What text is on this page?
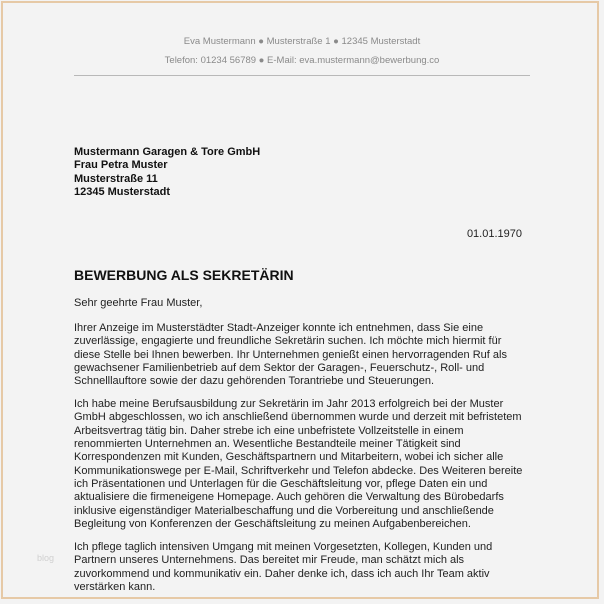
Eva Mustermann ● Musterstraße 1 ● 12345 Musterstadt
Telefon: 01234 56789 ● E-Mail: eva.mustermann@bewerbung.co
Mustermann Garagen & Tore GmbH
Frau Petra Muster
Musterstraße 11
12345 Musterstadt
01.01.1970
BEWERBUNG ALS SEKRETÄRIN
Sehr geehrte Frau Muster,
Ihrer Anzeige im Musterstädter Stadt-Anzeiger konnte ich entnehmen, dass Sie eine
zuverlässige, engagierte und freundliche Sekretärin suchen. Ich möchte mich hiermit für
diese Stelle bei Ihnen bewerben. Ihr Unternehmen genießt einen hervorragenden Ruf als
gewachsener Familienbetrieb auf dem Sektor der Garagen-, Feuerschutz-, Roll- und
Schnelllauftore sowie der dazu gehörenden Torantriebe und Steuerungen.
Ich habe meine Berufsausbildung zur Sekretärin im Jahr 2013 erfolgreich bei der Muster
GmbH abgeschlossen, wo ich anschließend übernommen wurde und derzeit mit befristetem
Arbeitsvertrag tätig bin. Daher strebe ich eine unbefristete Vollzeitstelle in einem
renommierten Unternehmen an. Wesentliche Bestandteile meiner Tätigkeit sind
Korrespondenzen mit Kunden, Geschäftspartnern und Mitarbeitern, wobei ich sicher alle
Kommunikationswege per E-Mail, Schriftverkehr und Telefon abdecke. Des Weiteren bereite
ich Präsentationen und Unterlagen für die Geschäftsleitung vor, pflege Daten ein und
aktualisiere die firmeneigene Homepage. Auch gehören die Verwaltung des Bürobedarfs
inklusive eigenständiger Materialbeschaffung und die Vorbereitung und anschließende
Begleitung von Konferenzen der Geschäftsleitung zu meinen Aufgabenbereichen.
Ich pflege taglich intensiven Umgang mit meinen Vorgesetzten, Kollegen, Kunden und
Partnern unseres Unternehmens. Das bereitet mir Freude, man schätzt mich als
zuvorkommend und kommunikativ ein. Daher denke ich, dass ich auch Ihr Team aktiv
verstärken kann.
blog
